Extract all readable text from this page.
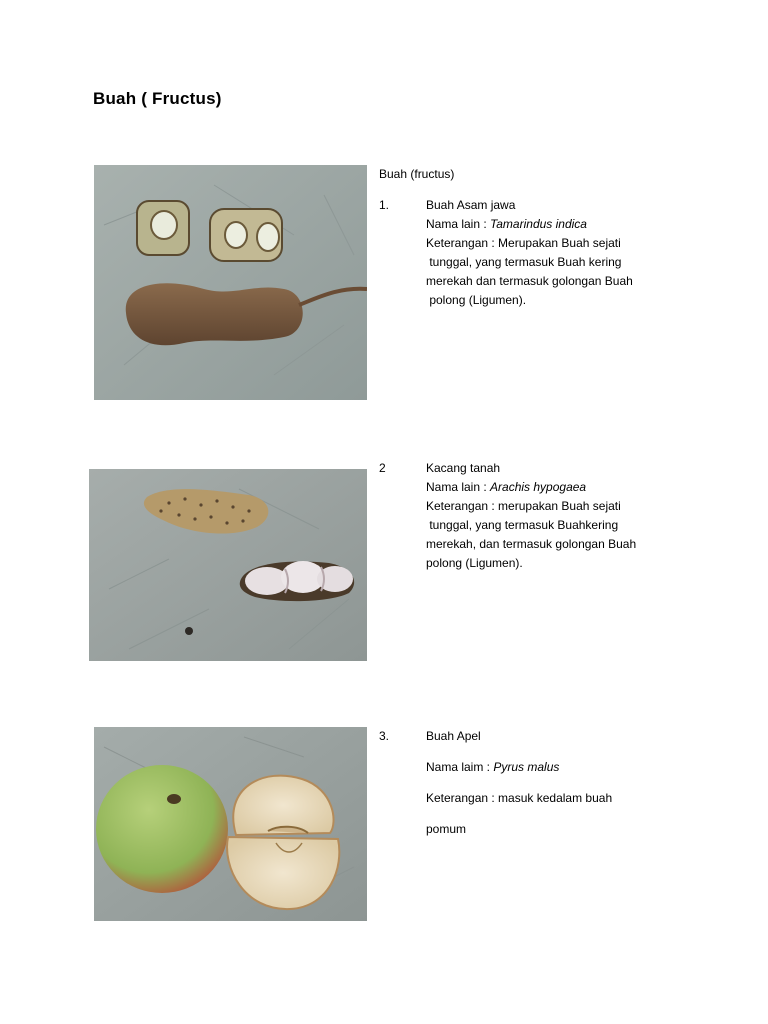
Buah ( Fructus)
Buah (fructus)
1.	Buah Asam jawa
Nama lain : Tamarindus indica
Keterangan : Merupakan Buah sejati
tunggal, yang termasuk Buah kering
merekah dan termasuk golongan Buah
polong (Ligumen).
2	Kacang tanah
Nama lain : Arachis hypogaea
Keterangan : merupakan Buah sejati
tunggal, yang termasuk Buahkering
merekah, dan termasuk golongan Buah
polong (Ligumen).
3.	Buah Apel
Nama laim : Pyrus malus
Keterangan : masuk kedalam buah
pomum
